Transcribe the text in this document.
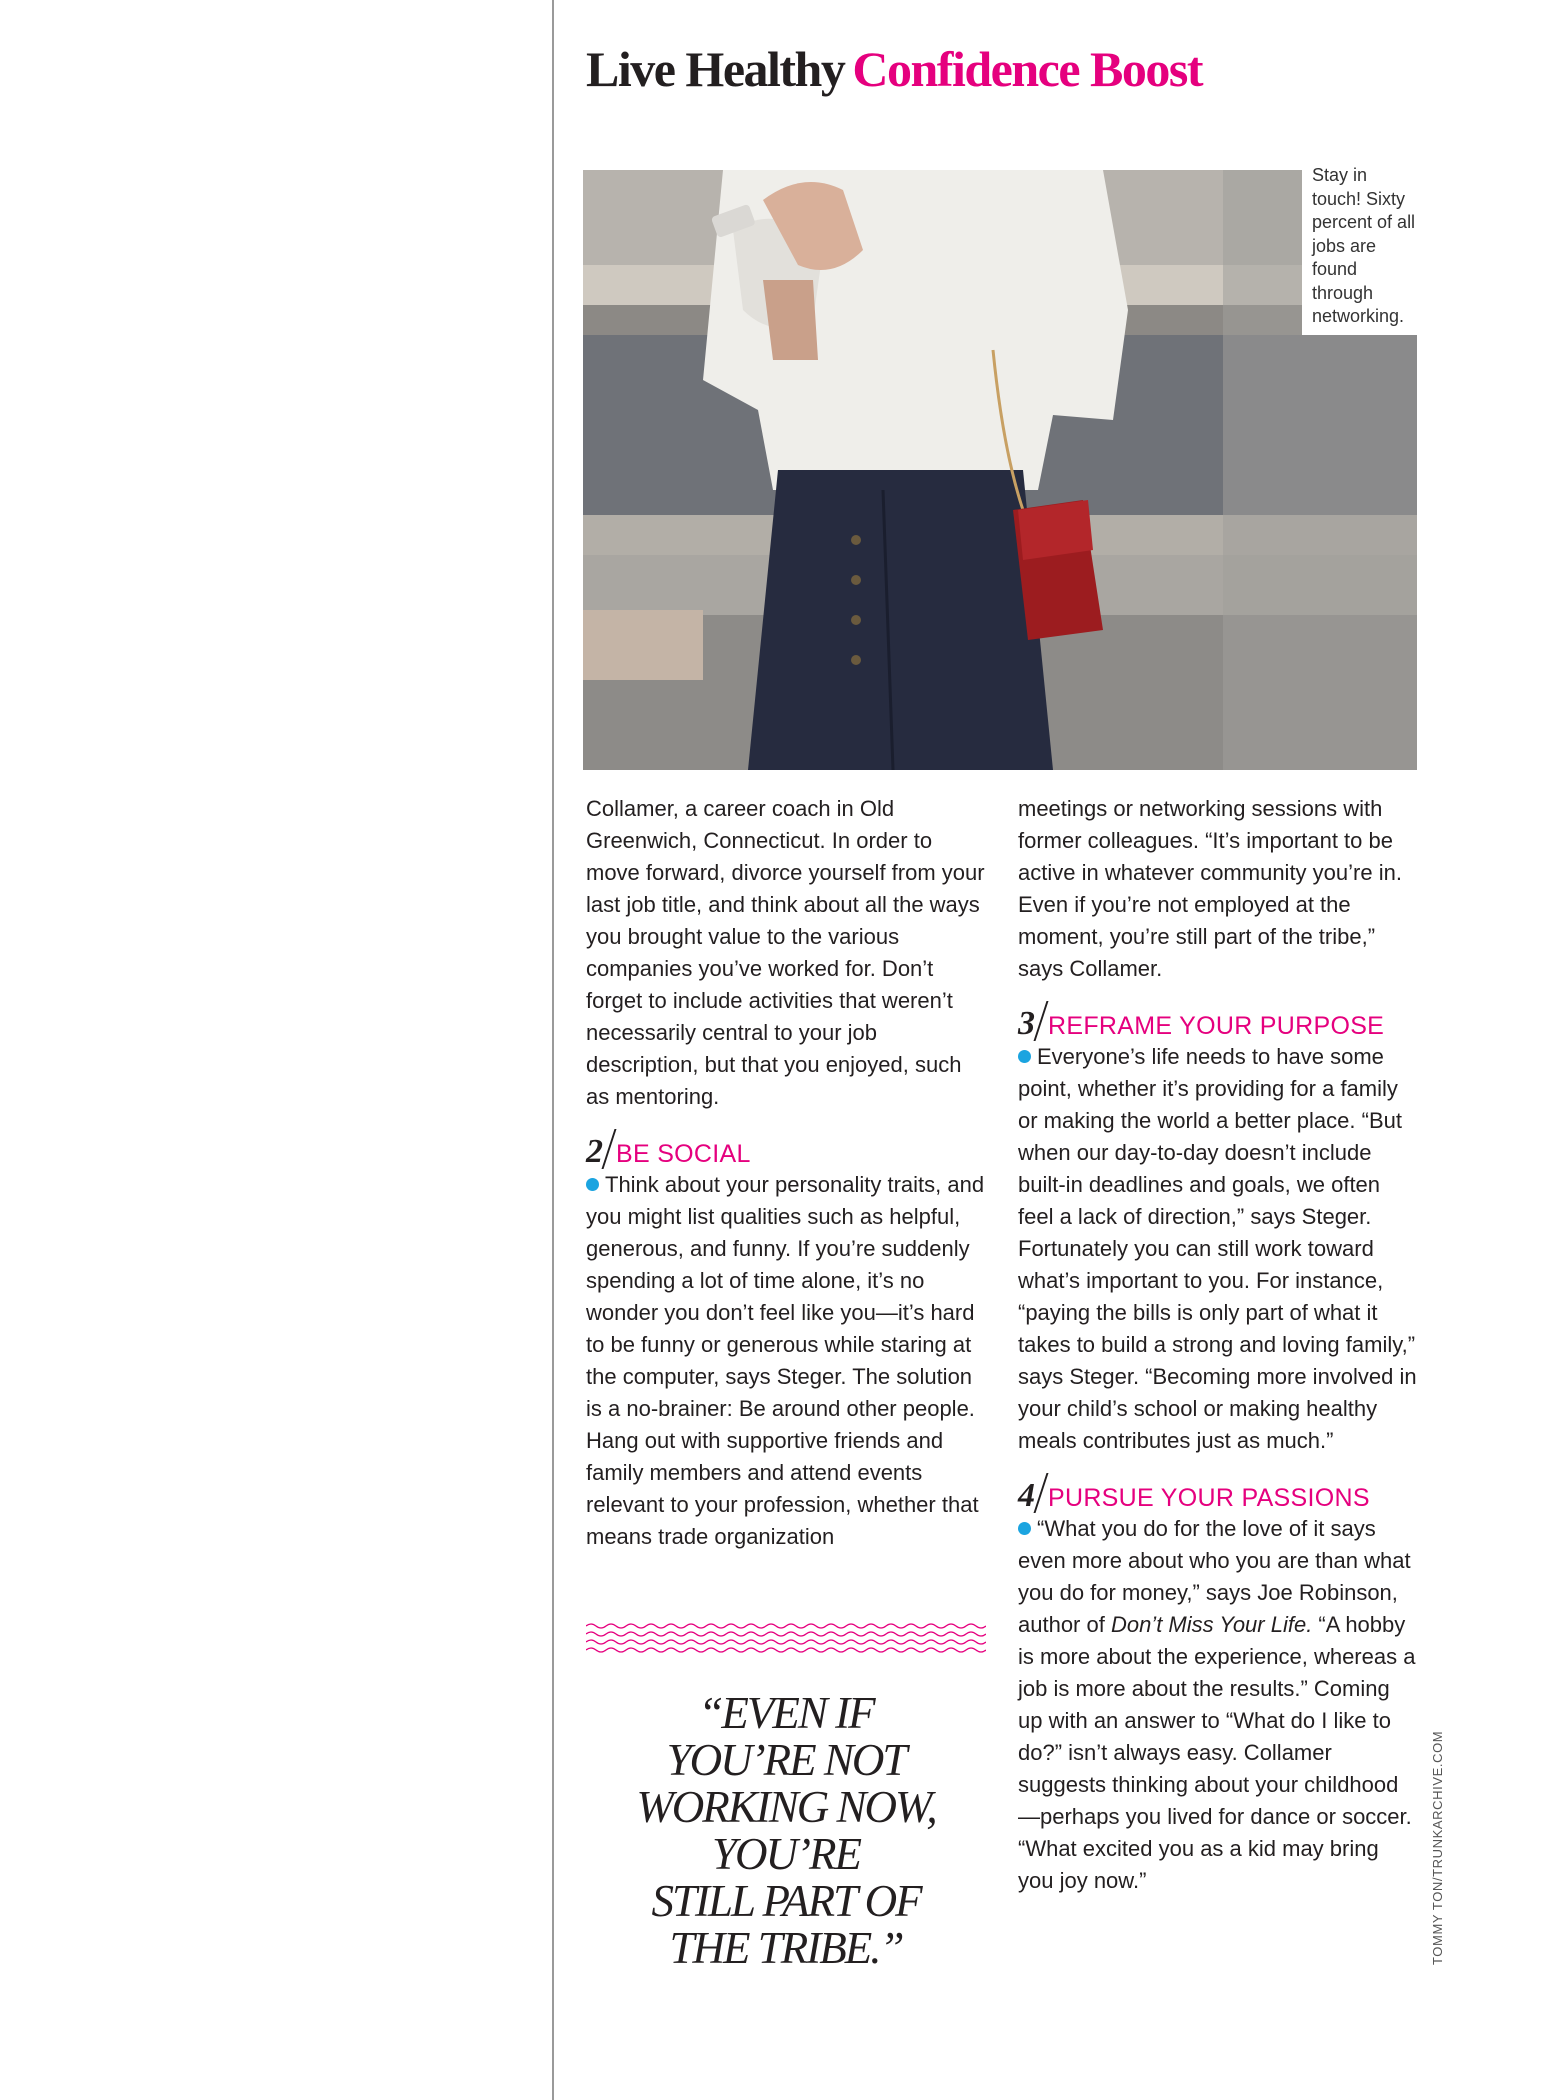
Live Healthy Confidence Boost
Stay in touch! Sixty percent of all jobs are found through networking.

Collamer, a career coach in Old Greenwich, Connecticut. In order to move forward, divorce yourself from your last job title, and think about all the ways you brought value to the various companies you’ve worked for. Don’t forget to include activities that weren’t necessarily central to your job description, but that you enjoyed, such as mentoring.

2 BE SOCIAL

Think about your personality traits, and you might list qualities such as helpful, generous, and funny. If you’re suddenly spending a lot of time alone, it’s no wonder you don’t feel like you—it’s hard to be funny or generous while staring at the computer, says Steger. The solution is a no-brainer: Be around other people. Hang out with supportive friends and family members and attend events relevant to your profession, whether that means trade organization

“EVEN IF
YOU’RE NOT
WORKING NOW,
YOU’RE
STILL PART OF
THE TRIBE.”

meetings or networking sessions with former colleagues. “It’s important to be active in whatever community you’re in. Even if you’re not employed at the moment, you’re still part of the tribe,” says Collamer.

3 REFRAME YOUR PURPOSE

Everyone’s life needs to have some point, whether it’s providing for a family or making the world a better place. “But when our day-to-day doesn’t include built-in deadlines and goals, we often feel a lack of direction,” says Steger. Fortunately you can still work toward what’s important to you. For instance, “paying the bills is only part of what it takes to build a strong and loving family,” says Steger. “Becoming more involved in your child’s school or making healthy meals contributes just as much.”

4 PURSUE YOUR PASSIONS

“What you do for the love of it says even more about who you are than what you do for money,” says Joe Robinson, author of Don’t Miss Your Life. “A hobby is more about the experience, whereas a job is more about the results.” Coming up with an answer to “What do I like to do?” isn’t always easy. Collamer suggests thinking about your childhood—perhaps you lived for dance or soccer. “What excited you as a kid may bring you joy now.”	TOMMY TON/TRUNKARCHIVE.COM
